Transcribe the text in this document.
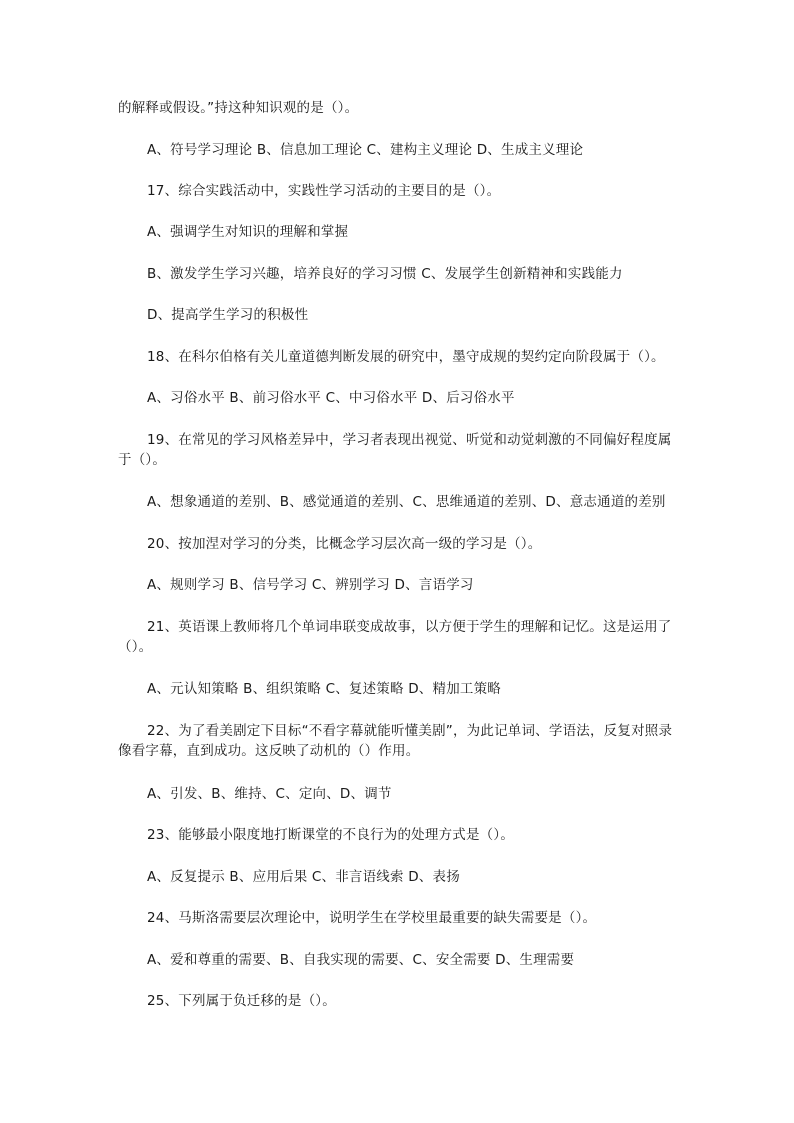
的解释或假设。”持这种知识观的是（）。
A、符号学习理论 B、信息加工理论 C、建构主义理论 D、生成主义理论
17、综合实践活动中，实践性学习活动的主要目的是（）。
A、强调学生对知识的理解和掌握
B、激发学生学习兴趣，培养良好的学习习惯 C、发展学生创新精神和实践能力
D、提高学生学习的积极性
18、在科尔伯格有关儿童道德判断发展的研究中，墨守成规的契约定向阶段属于（）。
A、习俗水平 B、前习俗水平 C、中习俗水平 D、后习俗水平
19、在常见的学习风格差异中，学习者表现出视觉、听觉和动觉刺激的不同偏好程度属于（）。
A、想象通道的差别、B、感觉通道的差别、C、思维通道的差别、D、意志通道的差别
20、按加涅对学习的分类，比概念学习层次高一级的学习是（）。
A、规则学习 B、信号学习 C、辨别学习 D、言语学习
21、英语课上教师将几个单词串联变成故事，以方便于学生的理解和记忆。这是运用了（）。
A、元认知策略 B、组织策略 C、复述策略 D、精加工策略
22、为了看美剧定下目标“不看字幕就能听懂美剧”，为此记单词、学语法，反复对照录像看字幕，直到成功。这反映了动机的（）作用。
A、引发、B、维持、C、定向、D、调节
23、能够最小限度地打断课堂的不良行为的处理方式是（）。
A、反复提示 B、应用后果 C、非言语线索 D、表扬
24、马斯洛需要层次理论中，说明学生在学校里最重要的缺失需要是（）。
A、爱和尊重的需要、B、自我实现的需要、C、安全需要 D、生理需要
25、下列属于负迁移的是（）。
